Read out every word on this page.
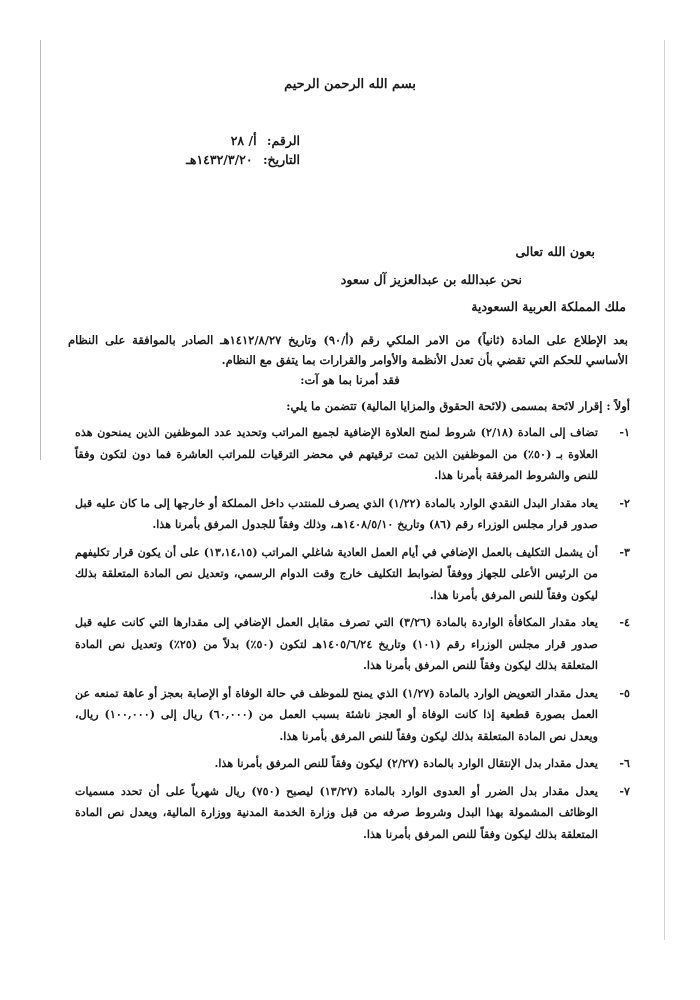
بسم الله الرحمن الرحيم
الرقم: أ/ ٢٨
التاريخ: ١٤٣٢/٣/٢٠هـ
بعون الله تعالى
نحن عبدالله بن عبدالعزيز آل سعود
ملك المملكة العربية السعودية
بعد الإطلاع على المادة (ثانياً) من الامر الملكي رقم (أ/٩٠) وتاريخ ١٤١٢/٨/٢٧هـ الصادر بالموافقة على النظام الأساسي للحكم التي تقضي بأن تعدل الأنظمة والأوامر والقرارات بما يتفق مع النظام.
فقد أمرنا بما هو آت:
أولاً : إقرار لائحة بمسمى (لائحة الحقوق والمزايا المالية) تتضمن ما يلي:
١-
تضاف إلى المادة (٢/١٨) شروط لمنح العلاوة الإضافية لجميع المراتب وتحديد عدد الموظفين الذين يمنحون هذه العلاوة بـ (٥٠٪) من الموظفين الذين تمت ترقيتهم في محضر الترقيات للمراتب العاشرة فما دون لتكون وفقاً للنص والشروط المرفقة بأمرنا هذا.
٢-
يعاد مقدار البدل النقدي الوارد بالمادة (١/٢٢) الذي يصرف للمنتدب داخل المملكة أو خارجها إلى ما كان عليه قبل صدور قرار مجلس الوزراء رقم (٨٦) وتاريخ ١٤٠٨/٥/١٠هـ، وذلك وفقاً للجدول المرفق بأمرنا هذا.
٣-
أن يشمل التكليف بالعمل الإضافي في أيام العمل العادية شاغلي المراتب (١٣،١٤،١٥) على أن يكون قرار تكليفهم من الرئيس الأعلى للجهاز ووفقاً لضوابط التكليف خارج وقت الدوام الرسمي، وتعديل نص المادة المتعلقة بذلك ليكون وفقاً للنص المرفق بأمرنا هذا.
٤-
يعاد مقدار المكافأة الواردة بالمادة (٣/٢٦) التي تصرف مقابل العمل الإضافي إلى مقدارها التي كانت عليه قبل صدور قرار مجلس الوزراء رقم (١٠١) وتاريخ ١٤٠٥/٦/٢٤هـ لتكون (٥٠٪) بدلاً من (٢٥٪) وتعديل نص المادة المتعلقة بذلك ليكون وفقاً للنص المرفق بأمرنا هذا.
٥-
يعدل مقدار التعويض الوارد بالمادة (١/٢٧) الذي يمنح للموظف في حالة الوفاة أو الإصابة بعجز أو عاهة تمنعه عن العمل بصورة قطعية إذا كانت الوفاة أو العجز ناشئة بسبب العمل من (٦٠,٠٠٠) ريال إلى (١٠٠,٠٠٠) ريال، ويعدل نص المادة المتعلقة بذلك ليكون وفقاً للنص المرفق بأمرنا هذا.
٦-
يعدل مقدار بدل الإنتقال الوارد بالمادة (٢/٢٧) ليكون وفقاً للنص المرفق بأمرنا هذا.
٧-
يعدل مقدار بدل الضرر أو العدوى الوارد بالمادة (١٣/٢٧) ليصبح (٧٥٠) ريال شهرياً على أن تحدد مسميات الوظائف المشمولة بهذا البدل وشروط صرفه من قبل وزارة الخدمة المدنية ووزارة المالية، ويعدل نص المادة المتعلقة بذلك ليكون وفقاً للنص المرفق بأمرنا هذا.
